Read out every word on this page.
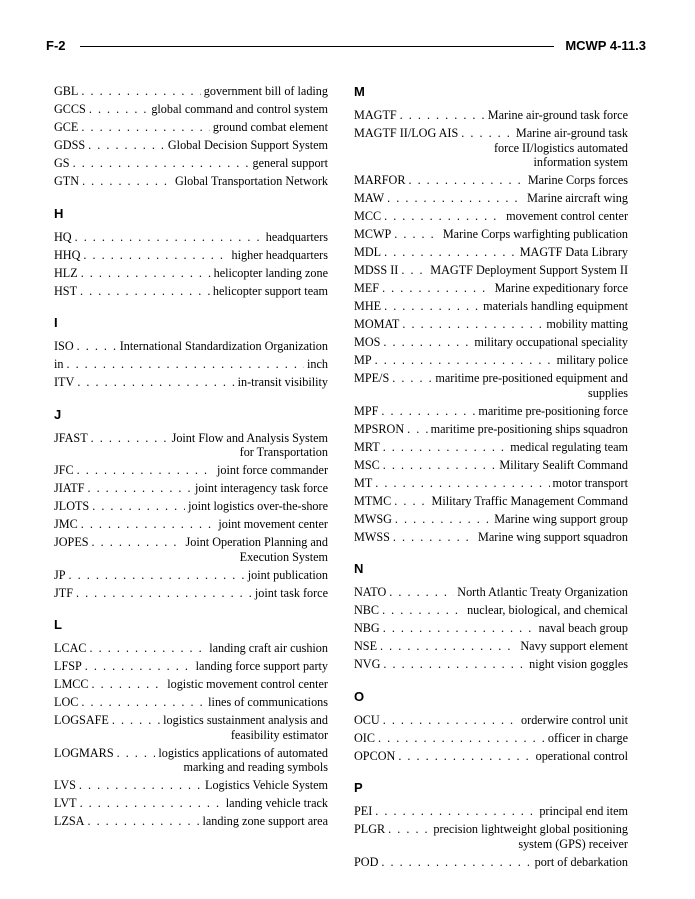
F-2	MCWP 4-11.3
GBL . . .	government bill of lading
GCCS . . .	global command and control system
GCE . . .	ground combat element
GDSS . . .	Global Decision Support System
GS . . .	general support
GTN . . .	Global Transportation Network
H
HQ . . .	headquarters
HHQ . . .	higher headquarters
HLZ . . .	helicopter landing zone
HST . . .	helicopter support team
I
ISO . . .	International Standardization Organization
in . . .	inch
ITV . . .	in-transit visibility
J
JFAST . . .	Joint Flow and Analysis System
for Transportation
JFC . . .	joint force commander
JIATF . . .	joint interagency task force
JLOTS . . .	joint logistics over-the-shore
JMC . . .	joint movement center
JOPES . . .	Joint Operation Planning and
Execution System
JP . . .	joint publication
JTF . . .	joint task force
L
LCAC . . .	landing craft air cushion
LFSP . . .	landing force support party
LMCC . . .	logistic movement control center
LOC . . .	lines of communications
LOGSAFE . . .	logistics sustainment analysis and
feasibility estimator
LOGMARS . . .	logistics applications of automated
marking and reading symbols
LVS . . .	Logistics Vehicle System
LVT . . .	landing vehicle track
LZSA . . .	landing zone support area
M
MAGTF . . .	Marine air-ground task force
MAGTF II/LOG AIS . . .	Marine air-ground task
force II/logistics automated
information system
MARFOR . . .	Marine Corps forces
MAW . . .	Marine aircraft wing
MCC . . .	movement control center
MCWP . . .	Marine Corps warfighting publication
MDL . . .	MAGTF Data Library
MDSS II . . .	MAGTF Deployment Support System II
MEF . . .	Marine expeditionary force
MHE . . .	materials handling equipment
MOMAT . . .	mobility matting
MOS . . .	military occupational speciality
MP . . .	military police
MPE/S . . .	maritime pre-positioned equipment and
supplies
MPF . . .	maritime pre-positioning force
MPSRON . . . maritime pre-positioning ships squadron
MRT . . .	medical regulating team
MSC . . .	Military Sealift Command
MT . . .	motor transport
MTMC . . .	Military Traffic Management Command
MWSG . . .	Marine wing support group
MWSS . . .	Marine wing support squadron
N
NATO . . .	North Atlantic Treaty Organization
NBC . . .	nuclear, biological, and chemical
NBG . . .	naval beach group
NSE . . .	Navy support element
NVG . . .	night vision goggles
O
OCU . . .	orderwire control unit
OIC . . .	officer in charge
OPCON . . .	operational control
P
PEI . . .	principal end item
PLGR . . .	precision lightweight global positioning
system (GPS) receiver
POD . . .	port of debarkation
